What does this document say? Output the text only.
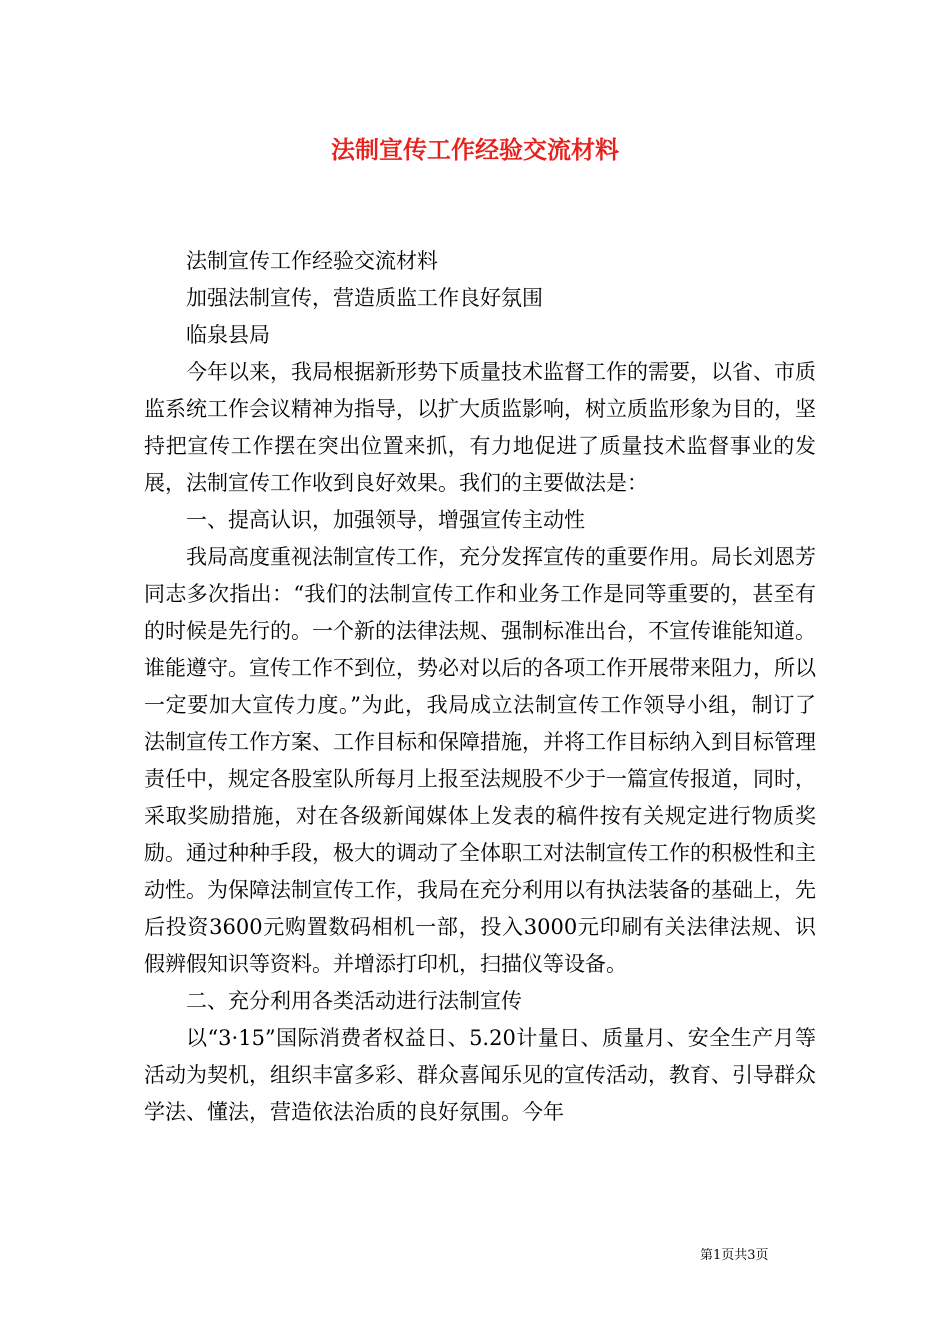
法制宣传工作经验交流材料

法制宣传工作经验交流材料

加强法制宣传，营造质监工作良好氛围

临泉县局

今年以来，我局根据新形势下质量技术监督工作的需要，以省、市质监系统工作会议精神为指导，以扩大质监影响，树立质监形象为目的，坚持把宣传工作摆在突出位置来抓，有力地促进了质量技术监督事业的发展，法制宣传工作收到良好效果。我们的主要做法是：

一、提高认识，加强领导，增强宣传主动性

我局高度重视法制宣传工作，充分发挥宣传的重要作用。局长刘恩芳同志多次指出：“我们的法制宣传工作和业务工作是同等重要的，甚至有的时候是先行的。一个新的法律法规、强制标准出台，不宣传谁能知道。谁能遵守。宣传工作不到位，势必对以后的各项工作开展带来阻力，所以一定要加大宣传力度。”为此，我局成立法制宣传工作领导小组，制订了法制宣传工作方案、工作目标和保障措施，并将工作目标纳入到目标管理责任中，规定各股室队所每月上报至法规股不少于一篇宣传报道，同时，采取奖励措施，对在各级新闻媒体上发表的稿件按有关规定进行物质奖励。通过种种手段，极大的调动了全体职工对法制宣传工作的积极性和主动性。为保障法制宣传工作，我局在充分利用以有执法装备的基础上，先后投资3600元购置数码相机一部，投入3000元印刷有关法律法规、识假辨假知识等资料。并增添打印机，扫描仪等设备。

二、充分利用各类活动进行法制宣传

以“3·15”国际消费者权益日、5.20计量日、质量月、安全生产月等活动为契机，组织丰富多彩、群众喜闻乐见的宣传活动，教育、引导群众学法、懂法，营造依法治质的良好氛围。今年

第1页共3页
